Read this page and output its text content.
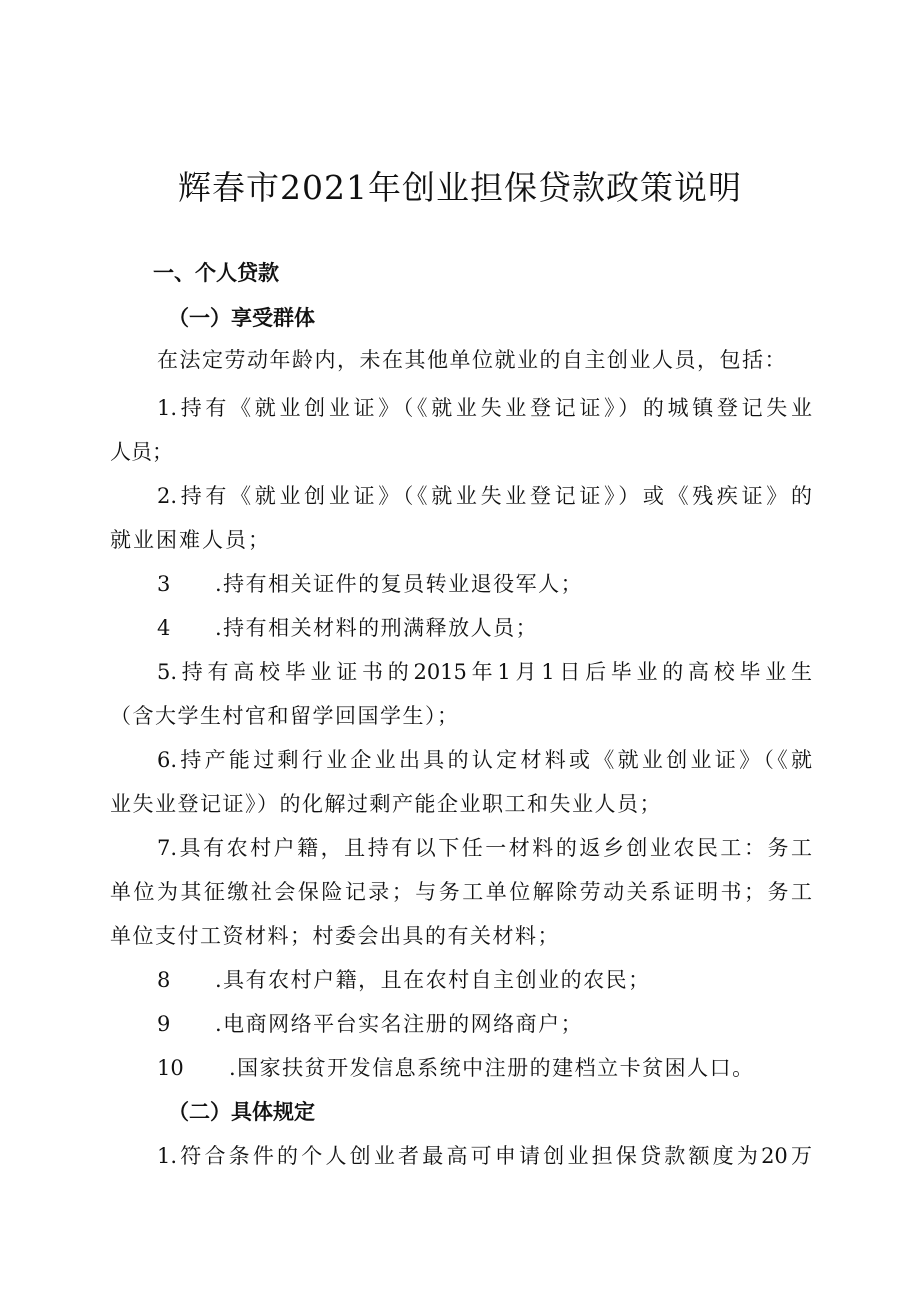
辉春市2021年创业担保贷款政策说明
一、个人贷款
（一）享受群体
在法定劳动年龄内，未在其他单位就业的自主创业人员，包括：
1.持有《就业创业证》（《就业失业登记证》）的城镇登记失业
人员；
2.持有《就业创业证》（《就业失业登记证》）或《残疾证》的
就业困难人员；
3 .持有相关证件的复员转业退役军人；
4 .持有相关材料的刑满释放人员；
5.持有高校毕业证书的2015年1月1日后毕业的高校毕业生
（含大学生村官和留学回国学生）；
6.持产能过剩行业企业出具的认定材料或《就业创业证》（《就
业失业登记证》）的化解过剩产能企业职工和失业人员；
7.具有农村户籍，且持有以下任一材料的返乡创业农民工：务工
单位为其征缴社会保险记录；与务工单位解除劳动关系证明书；务工
单位支付工资材料；村委会出具的有关材料；
8 .具有农村户籍，且在农村自主创业的农民；
9 .电商网络平台实名注册的网络商户；
10 .国家扶贫开发信息系统中注册的建档立卡贫困人口。
（二）具体规定
1.符合条件的个人创业者最高可申请创业担保贷款额度为20万
